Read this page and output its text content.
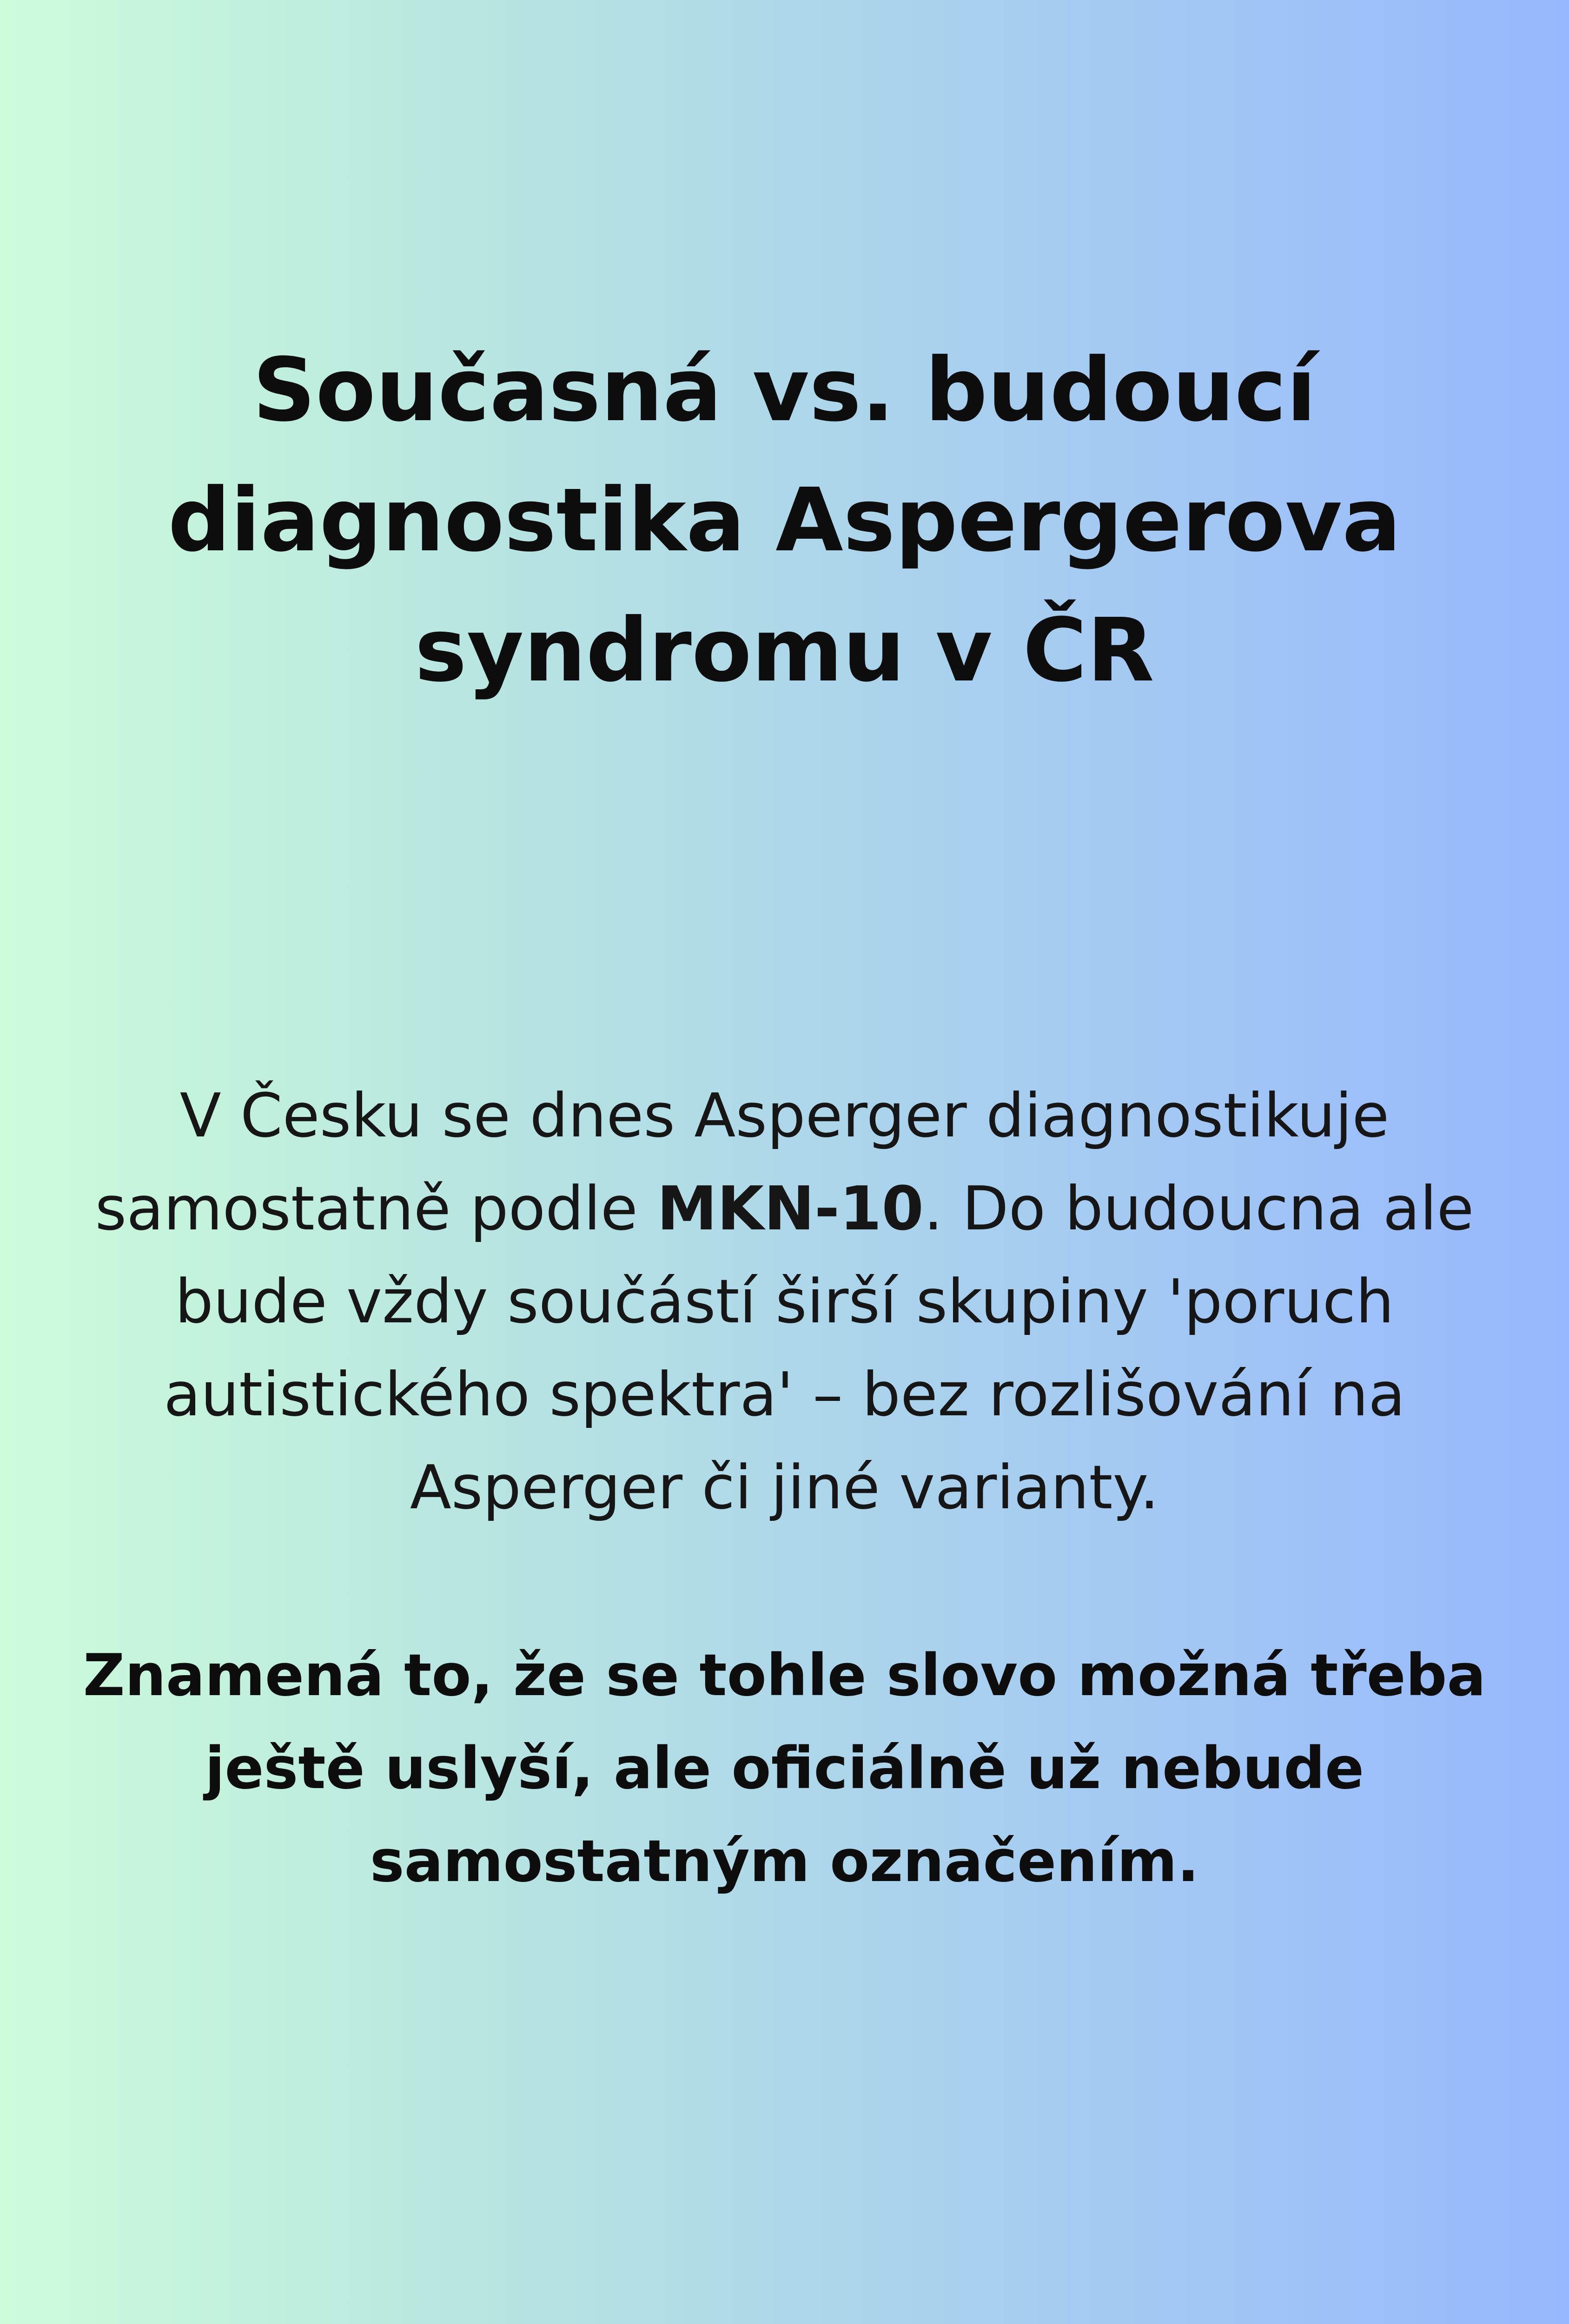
Současná vs. budoucí diagnostika Aspergerova syndromu v ČR

V Česku se dnes Asperger diagnostikuje samostatně podle MKN-10. Do budoucna ale bude vždy součástí širší skupiny 'poruch autistického spektra' – bez rozlišování na Asperger či jiné varianty.

Znamená to, že se tohle slovo možná třeba ještě uslyší, ale oficiálně už nebude samostatným označením.
